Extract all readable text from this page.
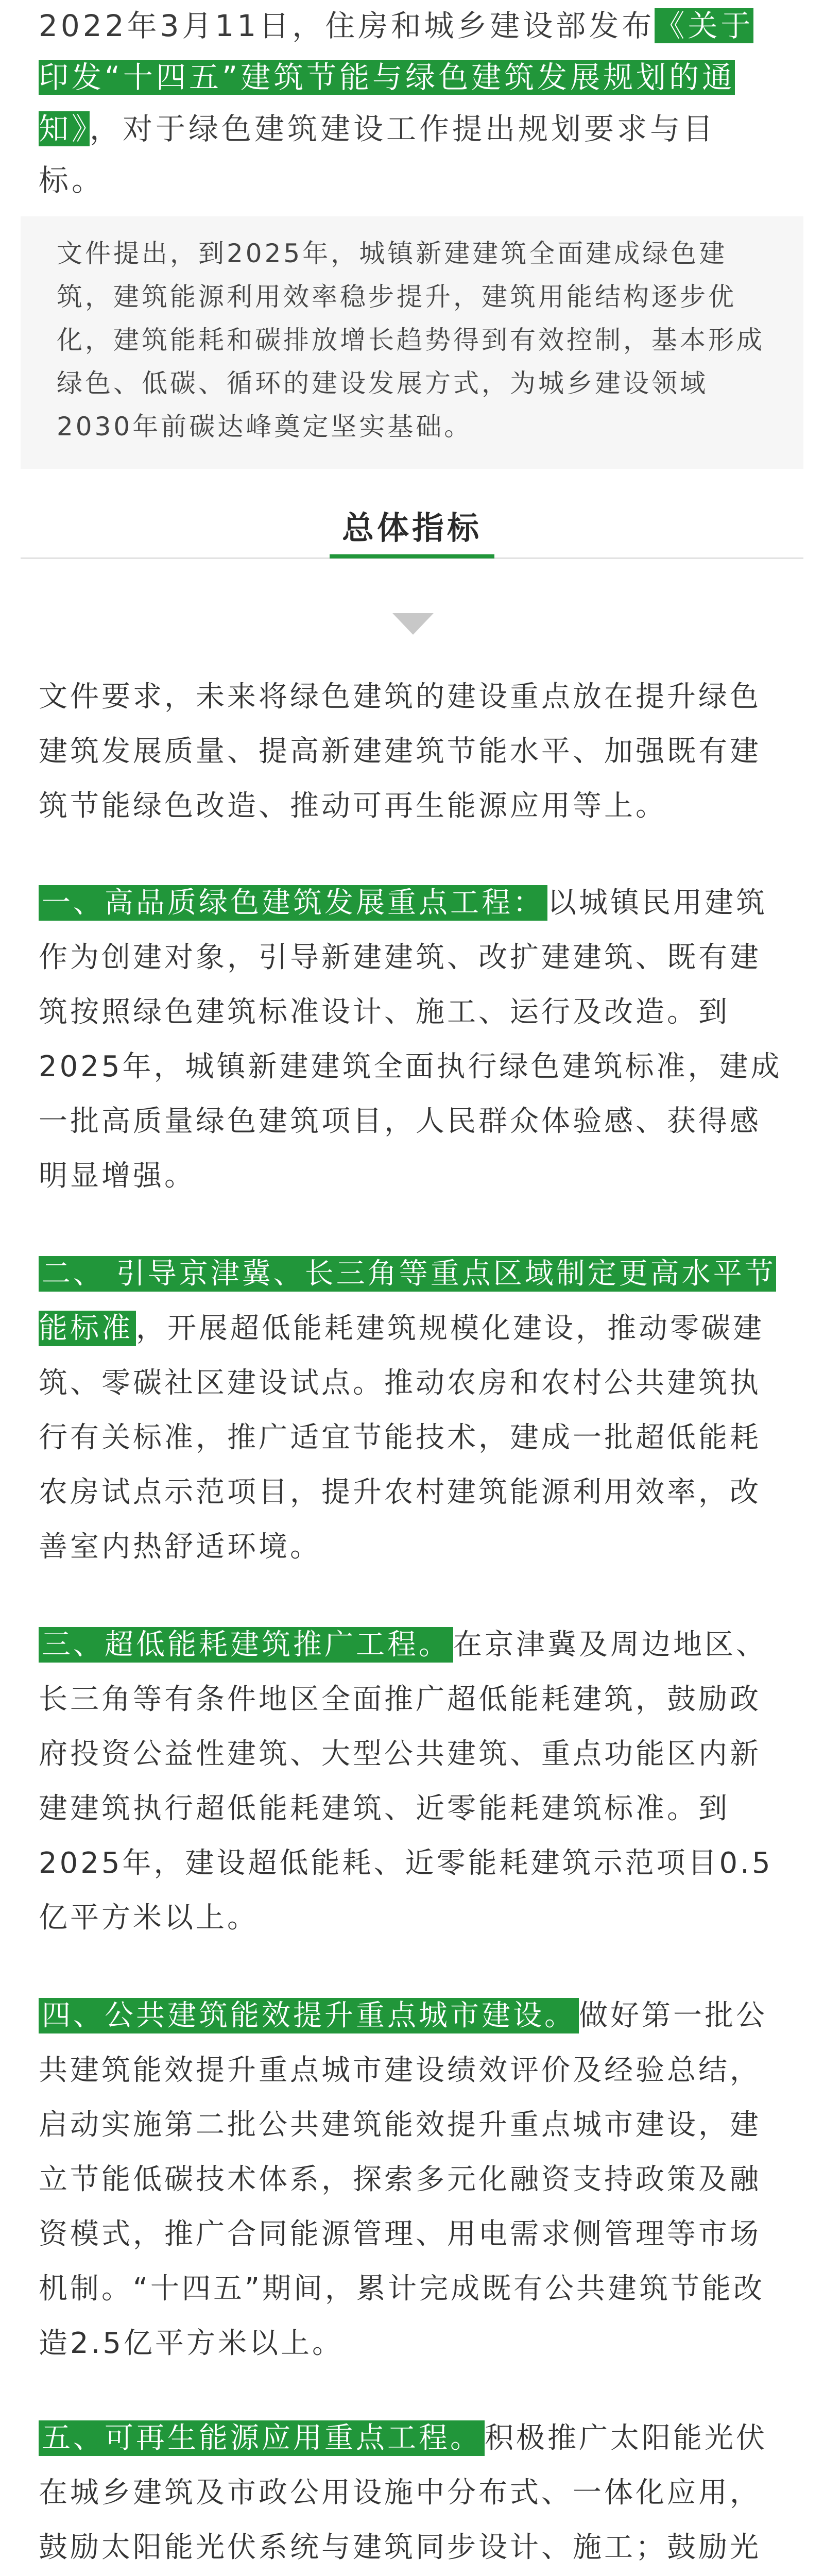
2022年3月11日，住房和城乡建设部发布《关于印发“十四五”建筑节能与绿色建筑发展规划的通知》，对于绿色建筑建设工作提出规划要求与目标。
文件提出，到2025年，城镇新建建筑全面建成绿色建筑，建筑能源利用效率稳步提升，建筑用能结构逐步优化，建筑能耗和碳排放增长趋势得到有效控制，基本形成绿色、低碳、循环的建设发展方式，为城乡建设领域2030年前碳达峰奠定坚实基础。
总体指标
文件要求，未来将绿色建筑的建设重点放在提升绿色建筑发展质量、提高新建建筑节能水平、加强既有建筑节能绿色改造、推动可再生能源应用等上。
一、高品质绿色建筑发展重点工程： 以城镇民用建筑作为创建对象，引导新建建筑、改扩建建筑、既有建筑按照绿色建筑标准设计、施工、运行及改造。到2025年，城镇新建建筑全面执行绿色建筑标准，建成一批高质量绿色建筑项目，人民群众体验感、获得感明显增强。
二、 引导京津冀、长三角等重点区域制定更高水平节能标准 ，开展超低能耗建筑规模化建设，推动零碳建筑、零碳社区建设试点。推动农房和农村公共建筑执行有关标准，推广适宜节能技术，建成一批超低能耗农房试点示范项目，提升农村建筑能源利用效率，改善室内热舒适环境。
三、超低能耗建筑推广工程。 在京津冀及周边地区、长三角等有条件地区全面推广超低能耗建筑，鼓励政府投资公益性建筑、大型公共建筑、重点功能区内新建建筑执行超低能耗建筑、近零能耗建筑标准。到2025年，建设超低能耗、近零能耗建筑示范项目0.5亿平方米以上。
四、公共建筑能效提升重点城市建设。 做好第一批公共建筑能效提升重点城市建设绩效评价及经验总结，启动实施第二批公共建筑能效提升重点城市建设，建立节能低碳技术体系，探索多元化融资支持政策及融资模式，推广合同能源管理、用电需求侧管理等市场机制。“十四五”期间，累计完成既有公共建筑节能改造2.5亿平方米以上。
五、可再生能源应用重点工程。 积极推广太阳能光伏在城乡建筑及市政公用设施中分布式、一体化应用，鼓励太阳能光伏系统与建筑同步设计、施工；鼓励光
